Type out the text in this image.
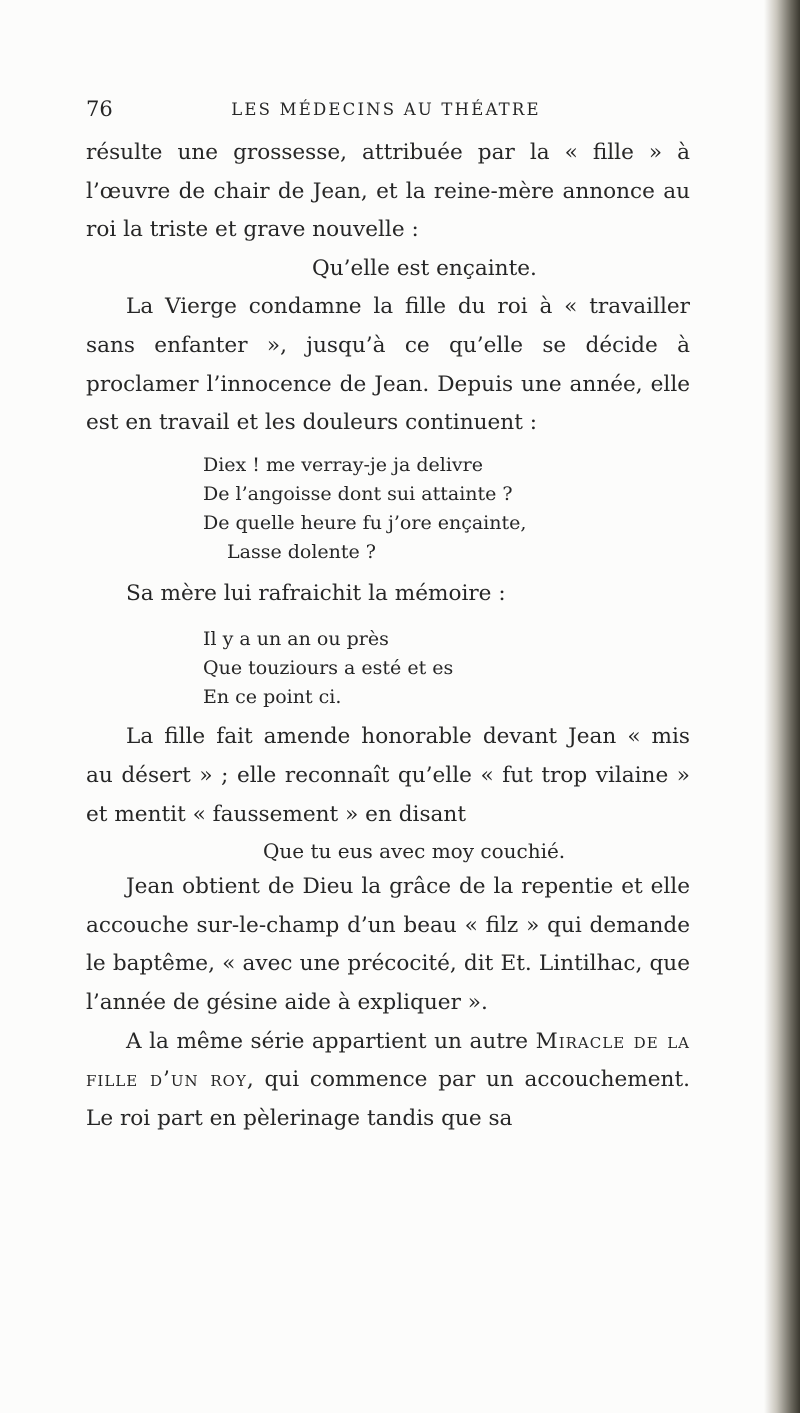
76	LES MÉDECINS AU THÉATRE

résulte une grossesse, attribuée par la « fille » à l’œuvre de chair de Jean, et la reine-mère annonce au roi la triste et grave nouvelle :

Qu’elle est ençainte.

La Vierge condamne la fille du roi à « travailler sans enfanter », jusqu’à ce qu’elle se décide à proclamer l’innocence de Jean. Depuis une année, elle est en travail et les douleurs continuent :

Diex ! me verray-je ja delivre

De l’angoisse dont sui attainte ?

De quelle heure fu j’ore ençainte,

Lasse dolente ?

Sa mère lui rafraichit la mémoire :

Il y a un an ou près

Que touziours a esté et es

En ce point ci.

La fille fait amende honorable devant Jean « mis au désert » ; elle reconnaît qu’elle « fut trop vilaine » et mentit « faussement » en disant

Que tu eus avec moy couchié.

Jean obtient de Dieu la grâce de la repentie et elle accouche sur-le-champ d’un beau « filz » qui demande le baptême, « avec une précocité, dit Et. Lintilhac, que l’année de gésine aide à expliquer ».

A la même série appartient un autre Miracle de la fille d’un roy, qui commence par un accouchement. Le roi part en pèlerinage tandis que sa
